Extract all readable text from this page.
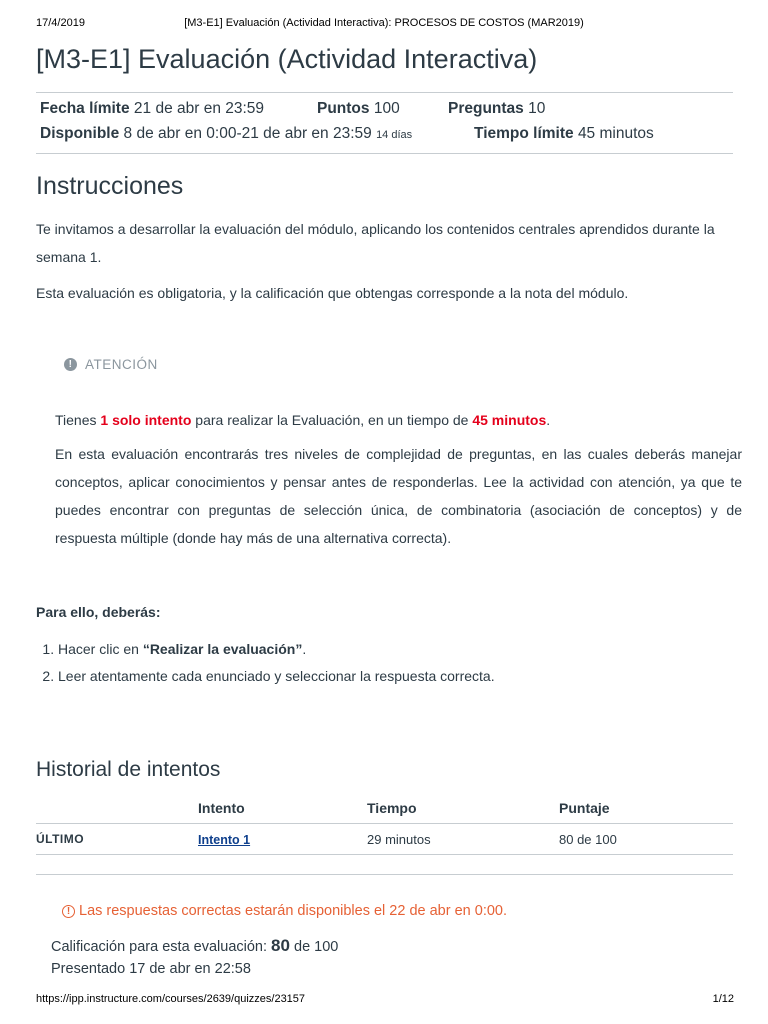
17/4/2019	[M3-E1] Evaluación (Actividad Interactiva): PROCESOS DE COSTOS (MAR2019)
[M3-E1] Evaluación (Actividad Interactiva)
Fecha límite 21 de abr en 23:59	Puntos 100	Preguntas 10
Disponible 8 de abr en 0:00-21 de abr en 23:59 14 días	Tiempo límite 45 minutos
Instrucciones

Te invitamos a desarrollar la evaluación del módulo, aplicando los contenidos centrales aprendidos durante la semana 1.

Esta evaluación es obligatoria, y la calificación que obtengas corresponde a la nota del módulo.

! ATENCIÓN

Tienes 1 solo intento para realizar la Evaluación, en un tiempo de 45 minutos.

En esta evaluación encontrarás tres niveles de complejidad de preguntas, en las cuales deberás manejar conceptos, aplicar conocimientos y pensar antes de responderlas. Lee la actividad con atención, ya que te puedes encontrar con preguntas de selección única, de combinatoria (asociación de conceptos) y de respuesta múltiple (donde hay más de una alternativa correcta).

Para ello, deberás:

1. Hacer clic en “Realizar la evaluación”.
2. Leer atentamente cada enunciado y seleccionar la respuesta correcta.
Historial de intentos
	Intento	Tiempo	Puntaje
ÚLTIMO	Intento 1	29 minutos	80 de 100
! Las respuestas correctas estarán disponibles el 22 de abr en 0:00.
Calificación para esta evaluación: 80 de 100
Presentado 17 de abr en 22:58
https://ipp.instructure.com/courses/2639/quizzes/23157	1/12
